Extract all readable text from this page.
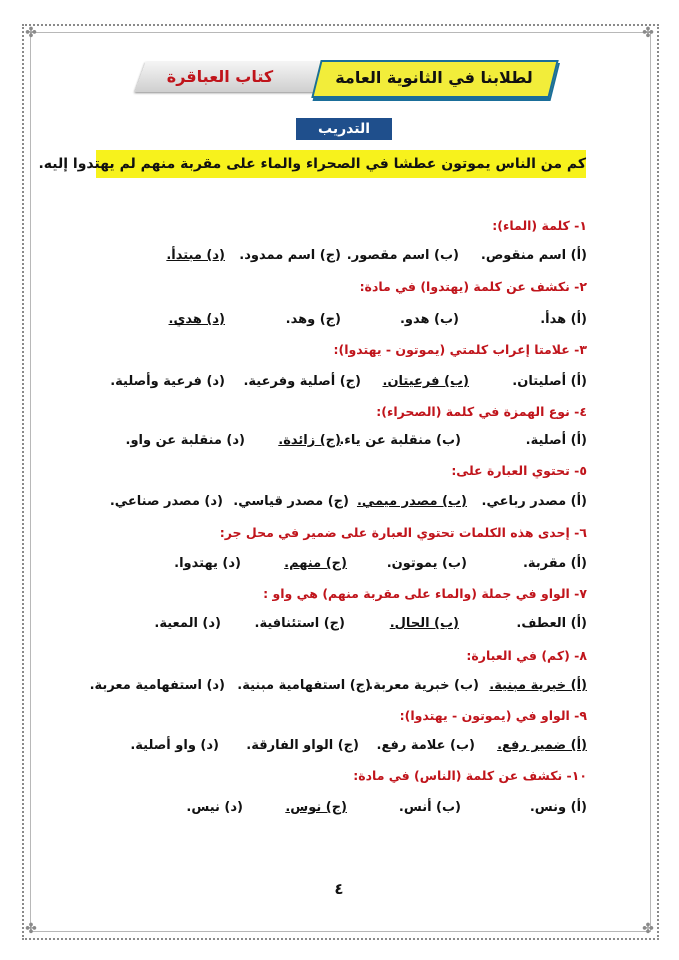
✤	✤
✤	✤
كتاب العباقرة	لطلابنا في الثانوية العامة
التدريب
كم من الناس يموتون عطشا في الصحراء والماء على مقربة منهم لم يهتدوا إليه.
١- كلمة (الماء):
(أ) اسم منقوص.
(ب) اسم مقصور.
(ج) اسم ممدود.
(د) مبتدأ.
٢- نكشف عن كلمة (يهتدوا) في مادة:
(أ) هدأ.
(ب) هدو.
(ج) وهد.
(د) هدي.
٣- علامتا إعراب كلمتي (يموتون - يهتدوا):
(أ) أصليتان.
(ب) فرعيتان.
(ج) أصلية وفرعية.
(د) فرعية وأصلية.
٤- نوع الهمزة في كلمة (الصحراء):
(أ) أصلية.
(ب) منقلبة عن ياء.
(ج) زائدة.
(د) منقلبة عن واو.
٥- تحتوي العبارة على:
(أ) مصدر رباعي.
(ب) مصدر ميمي.
(ج) مصدر قياسي.
(د) مصدر صناعي.
٦- إحدى هذه الكلمات تحتوي العبارة على ضمير في محل جر:
(أ) مقربة.
(ب) يموتون.
(ج) منهم.
(د) يهتدوا.
٧- الواو في جملة (والماء على مقربة منهم) هي واو :
(أ) العطف.
(ب) الحال.
(ج) استئنافية.
(د) المعية.
٨- (كم) في العبارة:
(أ) خبرية مبنية.
(ب) خبرية معربة.
(ج) استفهامية مبنية.
(د) استفهامية معربة.
٩- الواو في (يموتون - يهتدوا):
(أ) ضمير رفع.
(ب) علامة رفع.
(ج) الواو الفارقة.
(د) واو أصلية.
١٠- نكشف عن كلمة (الناس) في مادة:
(أ) ونس.
(ب) أنس.
(ج) نوس.
(د) نيس.
٤
